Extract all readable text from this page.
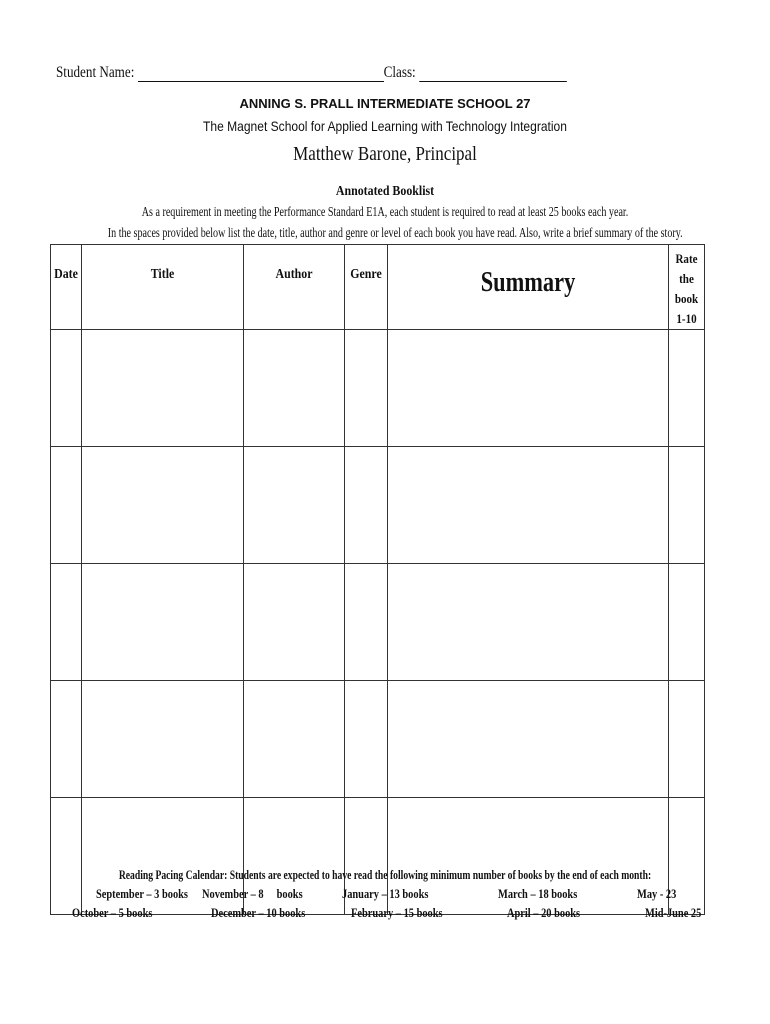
Student Name:	Class:
ANNING S. PRALL INTERMEDIATE SCHOOL 27
The Magnet School for Applied Learning with Technology Integration
Matthew Barone, Principal
Annotated Booklist
As a requirement in meeting the Performance Standard E1A, each student is required to read at least 25 books each year.
In the spaces provided below list the date, title, author and genre or level of each book you have read. Also, write a brief summary of the story.
Date	Title	Author	Genre	Summary	Rate
the
book
1-10

Reading Pacing Calendar: Students are expected to have read the following minimum number of books by the end of each month:
September – 3 books November – 8     books	January – 13 books	March – 18 books	May - 23
October – 5 books	December – 10 books	February – 15 books	April – 20 books	Mid-June 25
